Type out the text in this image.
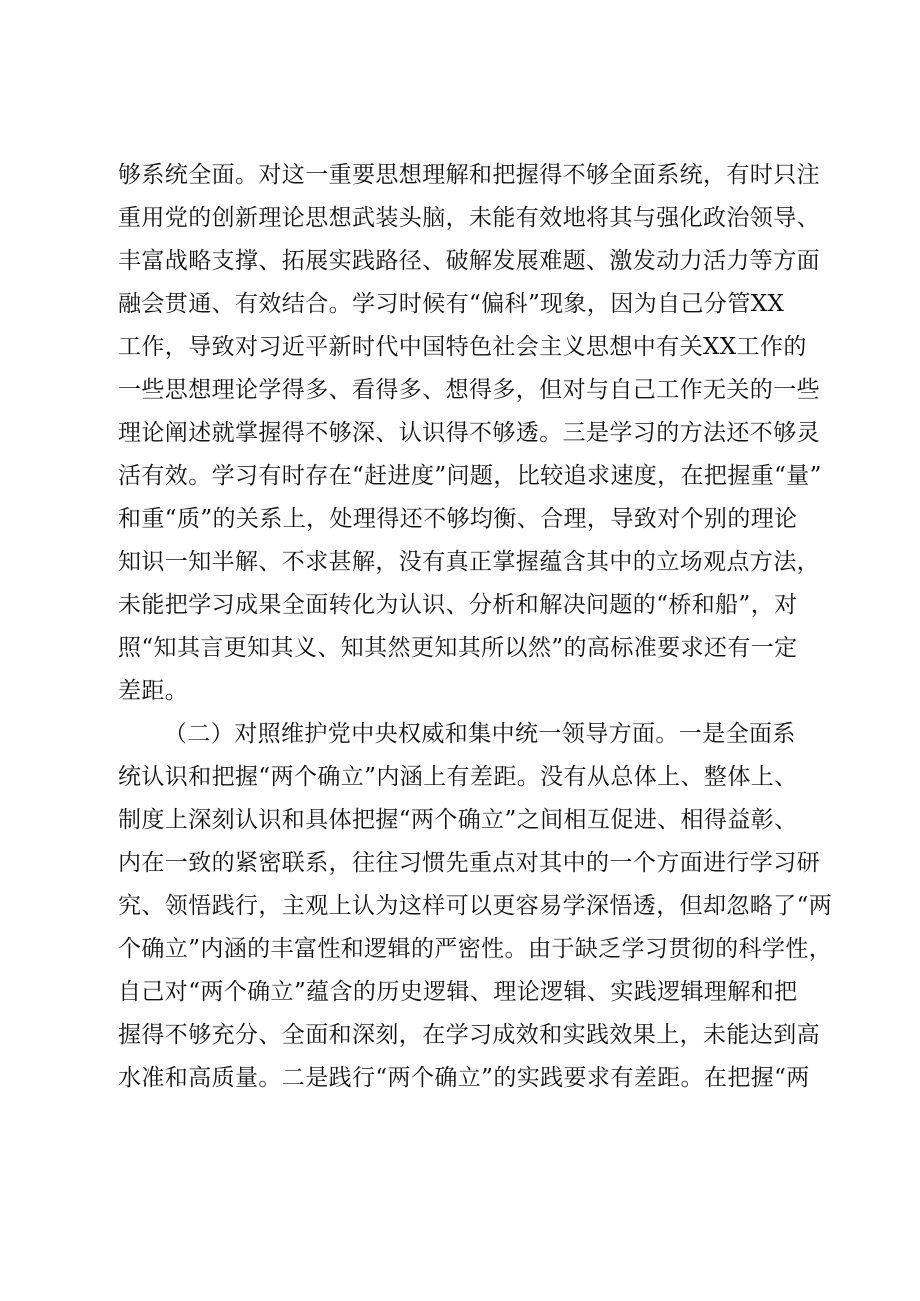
够系统全面。对这一重要思想理解和把握得不够全面系统，有时只注
重用党的创新理论思想武装头脑，未能有效地将其与强化政治领导、
丰富战略支撑、拓展实践路径、破解发展难题、激发动力活力等方面
融会贯通、有效结合。学习时候有“偏科”现象，因为自己分管XX
工作，导致对习近平新时代中国特色社会主义思想中有关XX工作的
一些思想理论学得多、看得多、想得多，但对与自己工作无关的一些
理论阐述就掌握得不够深、认识得不够透。三是学习的方法还不够灵
活有效。学习有时存在“赶进度”问题，比较追求速度，在把握重“量”
和重“质”的关系上，处理得还不够均衡、合理，导致对个别的理论
知识一知半解、不求甚解，没有真正掌握蕴含其中的立场观点方法，
未能把学习成果全面转化为认识、分析和解决问题的“桥和船”，对
照“知其言更知其义、知其然更知其所以然”的高标准要求还有一定
差距。
（二）对照维护党中央权威和集中统一领导方面。一是全面系
统认识和把握“两个确立”内涵上有差距。没有从总体上、整体上、
制度上深刻认识和具体把握“两个确立”之间相互促进、相得益彰、
内在一致的紧密联系，往往习惯先重点对其中的一个方面进行学习研
究、领悟践行，主观上认为这样可以更容易学深悟透，但却忽略了“两
个确立”内涵的丰富性和逻辑的严密性。由于缺乏学习贯彻的科学性，
自己对“两个确立”蕴含的历史逻辑、理论逻辑、实践逻辑理解和把
握得不够充分、全面和深刻，在学习成效和实践效果上，未能达到高
水准和高质量。二是践行“两个确立”的实践要求有差距。在把握“两
